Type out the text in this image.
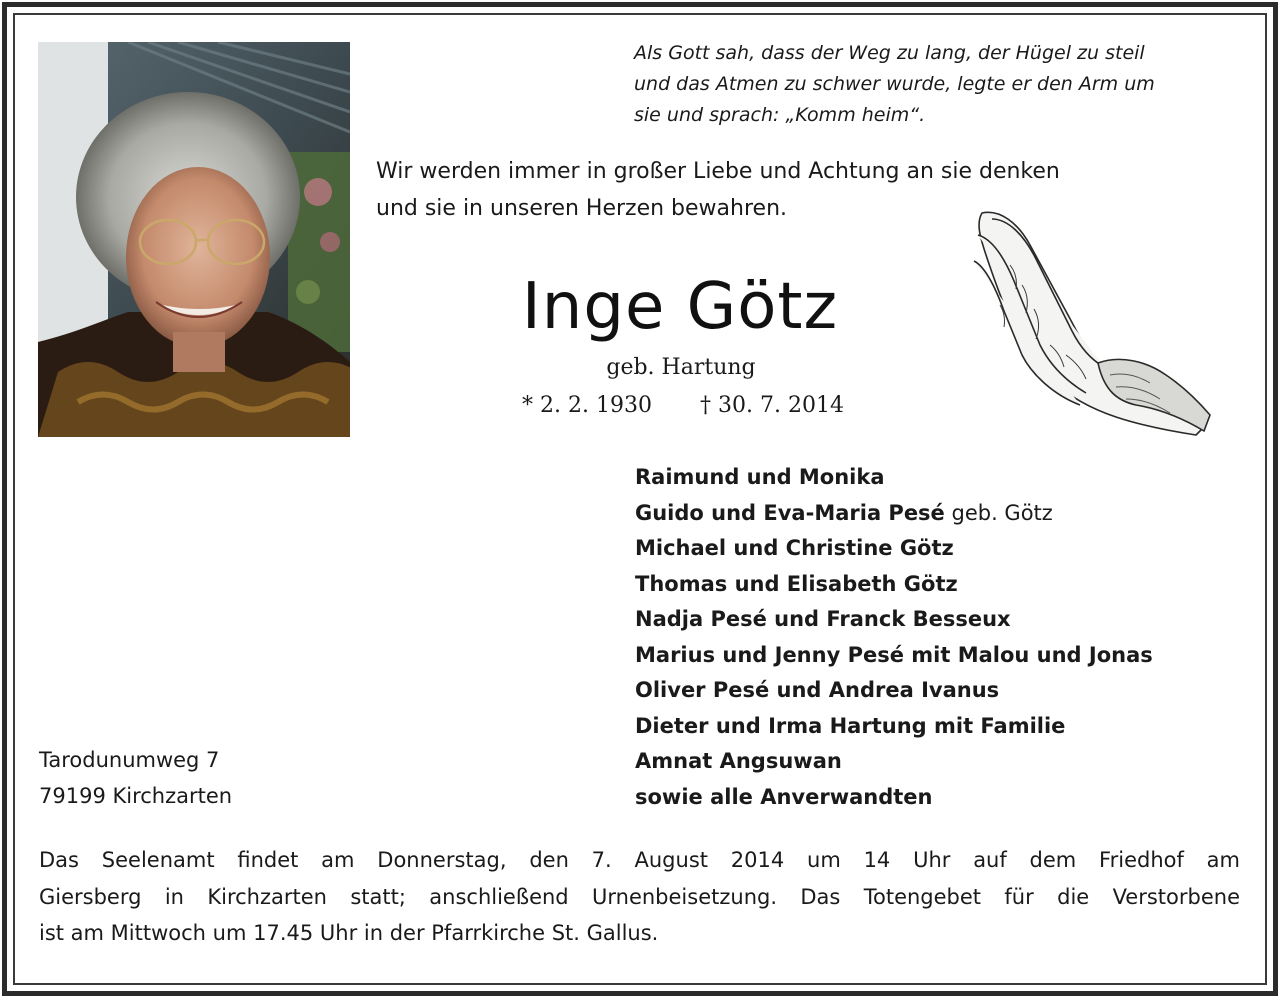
Als Gott sah, dass der Weg zu lang, der Hügel zu steil
und das Atmen zu schwer wurde, legte er den Arm um
sie und sprach: „Komm heim“.
Wir werden immer in großer Liebe und Achtung an sie denken
und sie in unseren Herzen bewahren.
Inge Götz
geb. Hartung
* 2. 2. 1930 † 30. 7. 2014
Raimund und Monika
Guido und Eva-Maria Pesé geb. Götz
Michael und Christine Götz
Thomas und Elisabeth Götz
Nadja Pesé und Franck Besseux
Marius und Jenny Pesé mit Malou und Jonas
Oliver Pesé und Andrea Ivanus
Dieter und Irma Hartung mit Familie
Amnat Angsuwan
sowie alle Anverwandten
Tarodunumweg 7
79199 Kirchzarten
Das Seelenamt findet am Donnerstag, den 7. August 2014 um 14 Uhr auf dem Friedhof am
Giersberg in Kirchzarten statt; anschließend Urnenbeisetzung. Das Totengebet für die Verstorbene
ist am Mittwoch um 17.45 Uhr in der Pfarrkirche St. Gallus.
